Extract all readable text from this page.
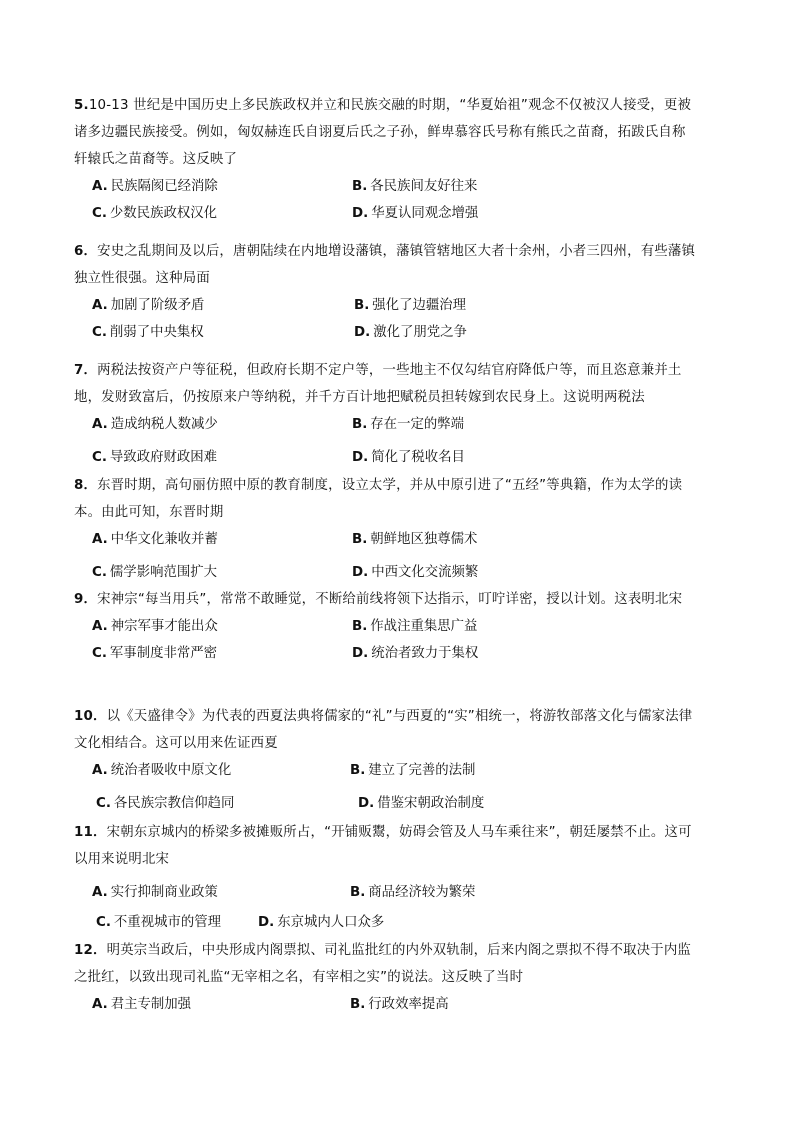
5.10-13 世纪是中国历史上多民族政权并立和民族交融的时期，“华夏始祖”观念不仅被汉人接受，更被诸多边疆民族接受。例如，匈奴赫连氏自诩夏后氏之子孙，鲜卑慕容氏号称有熊氏之苗裔，拓跋氏自称轩辕氏之苗裔等。这反映了
A. 民族隔阂已经消除	B. 各民族间友好往来
C. 少数民族政权汉化	D. 华夏认同观念增强
6．安史之乱期间及以后，唐朝陆续在内地增设藩镇，藩镇管辖地区大者十余州，小者三四州，有些藩镇独立性很强。这种局面
A. 加剧了阶级矛盾	B. 强化了边疆治理
C. 削弱了中央集权	D. 激化了朋党之争
7．两税法按资产户等征税，但政府长期不定户等，一些地主不仅勾结官府降低户等，而且恣意兼并土地，发财致富后，仍按原来户等纳税，并千方百计地把赋税员担转嫁到农民身上。这说明两税法
A. 造成纳税人数减少	B. 存在一定的弊端
C. 导致政府财政困难	D. 简化了税收名目
8．东晋时期，高句丽仿照中原的教育制度，设立太学，并从中原引进了“五经”等典籍，作为太学的读本。由此可知，东晋时期
A. 中华文化兼收并蓄	B. 朝鲜地区独尊儒术
C. 儒学影响范围扩大	D. 中西文化交流频繁
9．宋神宗“每当用兵”，常常不敢睡觉，不断给前线将领下达指示，叮咛详密，授以计划。这表明北宋
A. 神宗军事才能出众	B. 作战注重集思广益
C. 军事制度非常严密	D. 统治者致力于集权
10．以《天盛律令》为代表的西夏法典将儒家的“礼”与西夏的“实”相统一，将游牧部落文化与儒家法律文化相结合。这可以用来佐证西夏
A. 统治者吸收中原文化	B. 建立了完善的法制
C. 各民族宗教信仰趋同	D. 借鉴宋朝政治制度
11．宋朝东京城内的桥梁多被摊贩所占，“开铺贩鬻，妨碍会管及人马车乘往来”，朝廷屡禁不止。这可以用来说明北宋
A. 实行抑制商业政策	B. 商品经济较为繁荣
C. 不重视城市的管理	D. 东京城内人口众多
12．明英宗当政后，中央形成内阁票拟、司礼监批红的内外双轨制，后来内阁之票拟不得不取决于内监之批红，以致出现司礼监“无宰相之名，有宰相之实”的说法。这反映了当时
A. 君主专制加强	B. 行政效率提高
